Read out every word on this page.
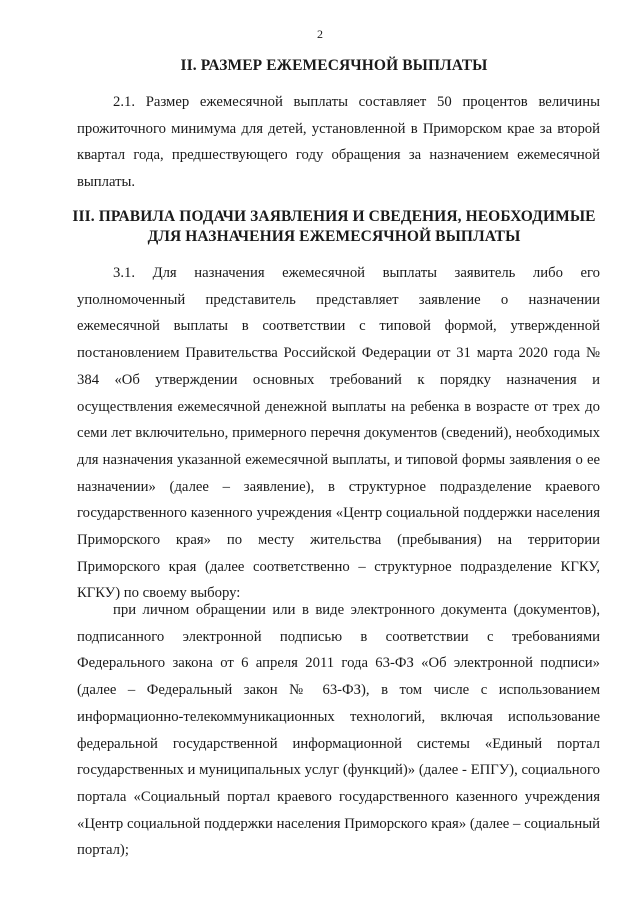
2
II. РАЗМЕР ЕЖЕМЕСЯЧНОЙ ВЫПЛАТЫ

2.1. Размер ежемесячной выплаты составляет 50 процентов величины прожиточного минимума для детей, установленной в Приморском крае за второй квартал года, предшествующего году обращения за назначением ежемесячной выплаты.

III. ПРАВИЛА ПОДАЧИ ЗАЯВЛЕНИЯ И СВЕДЕНИЯ, НЕОБХОДИМЫЕ ДЛЯ НАЗНАЧЕНИЯ ЕЖЕМЕСЯЧНОЙ ВЫПЛАТЫ

3.1. Для назначения ежемесячной выплаты заявитель либо его уполномоченный представитель представляет заявление о назначении ежемесячной выплаты в соответствии с типовой формой, утвержденной постановлением Правительства Российской Федерации от 31 марта 2020 года № 384 «Об утверждении основных требований к порядку назначения и осуществления ежемесячной денежной выплаты на ребенка в возрасте от трех до семи лет включительно, примерного перечня документов (сведений), необходимых для назначения указанной ежемесячной выплаты, и типовой формы заявления о ее назначении» (далее – заявление), в структурное подразделение краевого государственного казенного учреждения «Центр социальной поддержки населения Приморского края» по месту жительства (пребывания) на территории Приморского края (далее соответственно – структурное подразделение КГКУ, КГКУ) по своему выбору:

при личном обращении или в виде электронного документа (документов), подписанного электронной подписью в соответствии с требованиями Федерального закона от 6 апреля 2011 года 63-ФЗ «Об электронной подписи» (далее – Федеральный закон № 63-ФЗ), в том числе с использованием информационно-телекоммуникационных технологий, включая использование федеральной государственной информационной системы «Единый портал государственных и муниципальных услуг (функций)» (далее - ЕПГУ), социального портала «Социальный портал краевого государственного казенного учреждения «Центр социальной поддержки населения Приморского края» (далее – социальный портал);
